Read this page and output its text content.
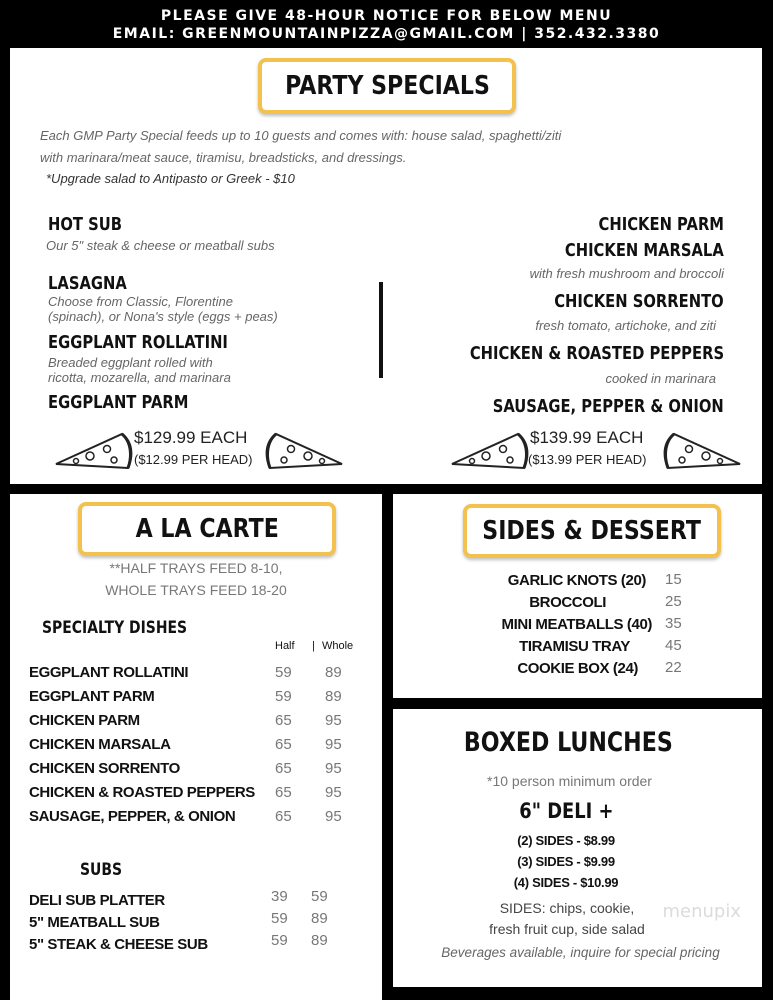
PLEASE GIVE 48-HOUR NOTICE FOR BELOW MENU
EMAIL: GREENMOUNTAINPIZZA@GMAIL.COM | 352.432.3380
PARTY SPECIALS
Each GMP Party Special feeds up to 10 guests and comes with: house salad, spaghetti/ziti
with marinara/meat sauce, tiramisu, breadsticks, and dressings.
*Upgrade salad to Antipasto or Greek - $10
HOT SUB
Our 5" steak & cheese or meatball subs
LASAGNA
Choose from Classic, Florentine
(spinach), or Nona's style (eggs + peas)
EGGPLANT ROLLATINI
Breaded eggplant rolled with
ricotta, mozarella, and marinara
EGGPLANT PARM
$129.99 EACH
($12.99 PER HEAD)
CHICKEN PARM
CHICKEN MARSALA
with fresh mushroom and broccoli
CHICKEN SORRENTO
fresh tomato, artichoke, and ziti
CHICKEN & ROASTED PEPPERS
cooked in marinara
SAUSAGE, PEPPER & ONION
$139.99 EACH
($13.99 PER HEAD)
A LA CARTE
**HALF TRAYS FEED 8-10,
WHOLE TRAYS FEED 18-20
SPECIALTY DISHES
Half | Whole
EGGPLANT ROLLATINI	59 89
EGGPLANT PARM	59 89
CHICKEN PARM	65 95
CHICKEN MARSALA	65 95
CHICKEN SORRENTO	65 95
CHICKEN & ROASTED PEPPERS 65 95
SAUSAGE, PEPPER, & ONION	65 95
SUBS
DELI SUB PLATTER	39 59
5" MEATBALL SUB	59 89
5" STEAK & CHEESE SUB	59 89
SIDES & DESSERT
GARLIC KNOTS (20) 15
BROCCOLI	25
MINI MEATBALLS (40) 35
TIRAMISU TRAY 45
COOKIE BOX (24) 22
BOXED LUNCHES
*10 person minimum order
6" DELI +
(2) SIDES - $8.99
(3) SIDES - $9.99
(4) SIDES - $10.99
SIDES: chips, cookie,
fresh fruit cup, side salad
menupix
Beverages available, inquire for special pricing
